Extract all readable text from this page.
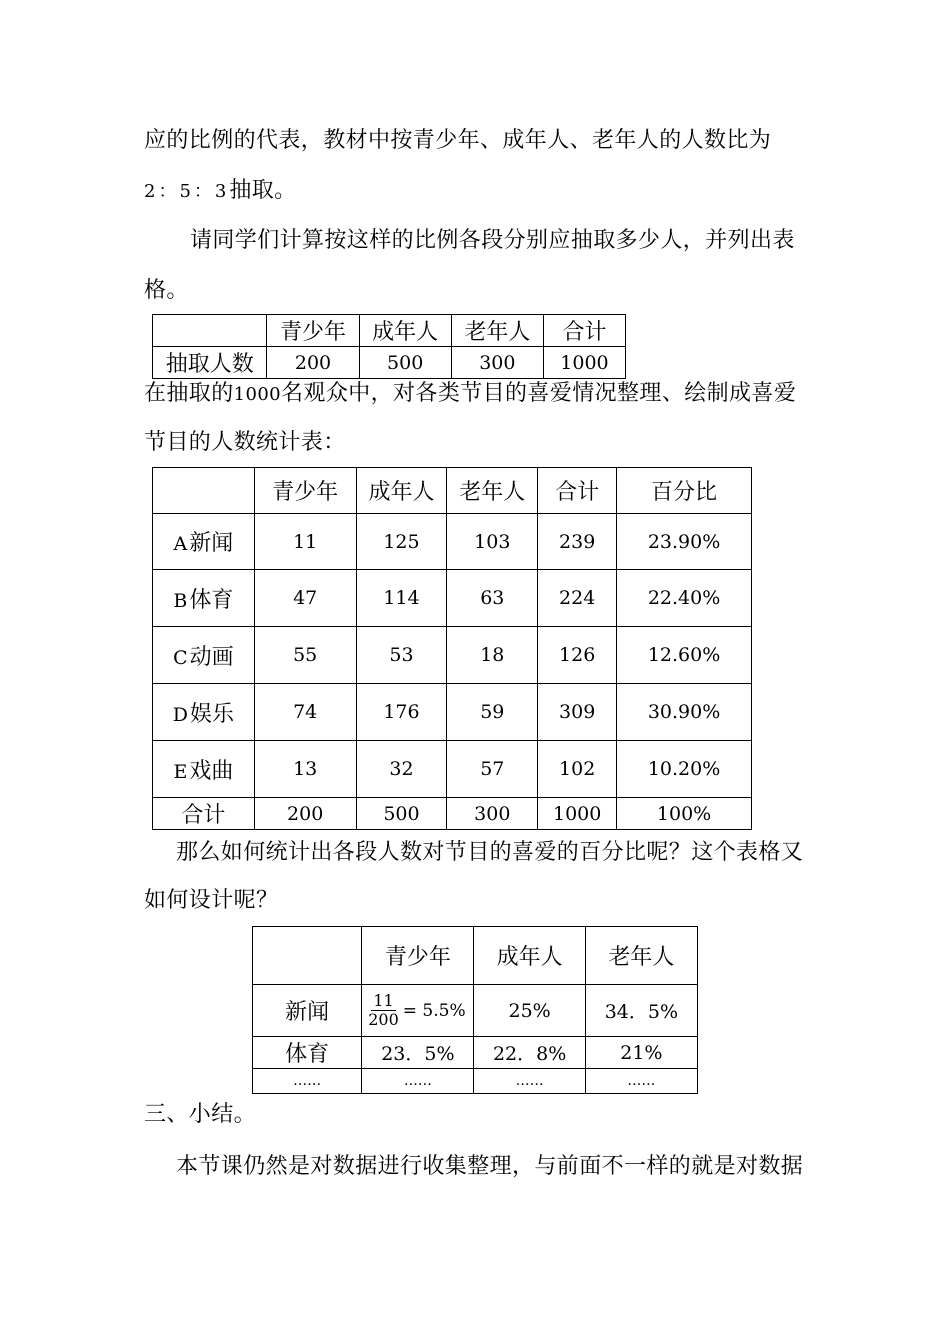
应的比例的代表，教材中按青少年、成年人、老年人的人数比为
2：5：3抽取。
请同学们计算按这样的比例各段分别应抽取多少人，并列出表
格。
	青少年	成年人	老年人	合计
抽取人数	200	500	300	1000
在抽取的1000名观众中，对各类节目的喜爱情况整理、绘制成喜爱
节目的人数统计表：
	青少年	成年人	老年人	合计	百分比
A新闻	11	125	103	239	23.90%
B体育	47	114	63	224	22.40%
C动画	55	53	18	126	12.60%
D娱乐	74	176	59	309	30.90%
E戏曲	13	32	57	102	10.20%
合计	200	500	300	1000	100%
那么如何统计出各段人数对节目的喜爱的百分比呢？这个表格又
如何设计呢？
	青少年	成年人	老年人
新闻	$\frac{11}{200} = 5.5\%$	25%	34．5%
体育	23．5%	22．8%	21%
……	……	……	……
三、小结。
本节课仍然是对数据进行收集整理，与前面不一样的就是对数据
